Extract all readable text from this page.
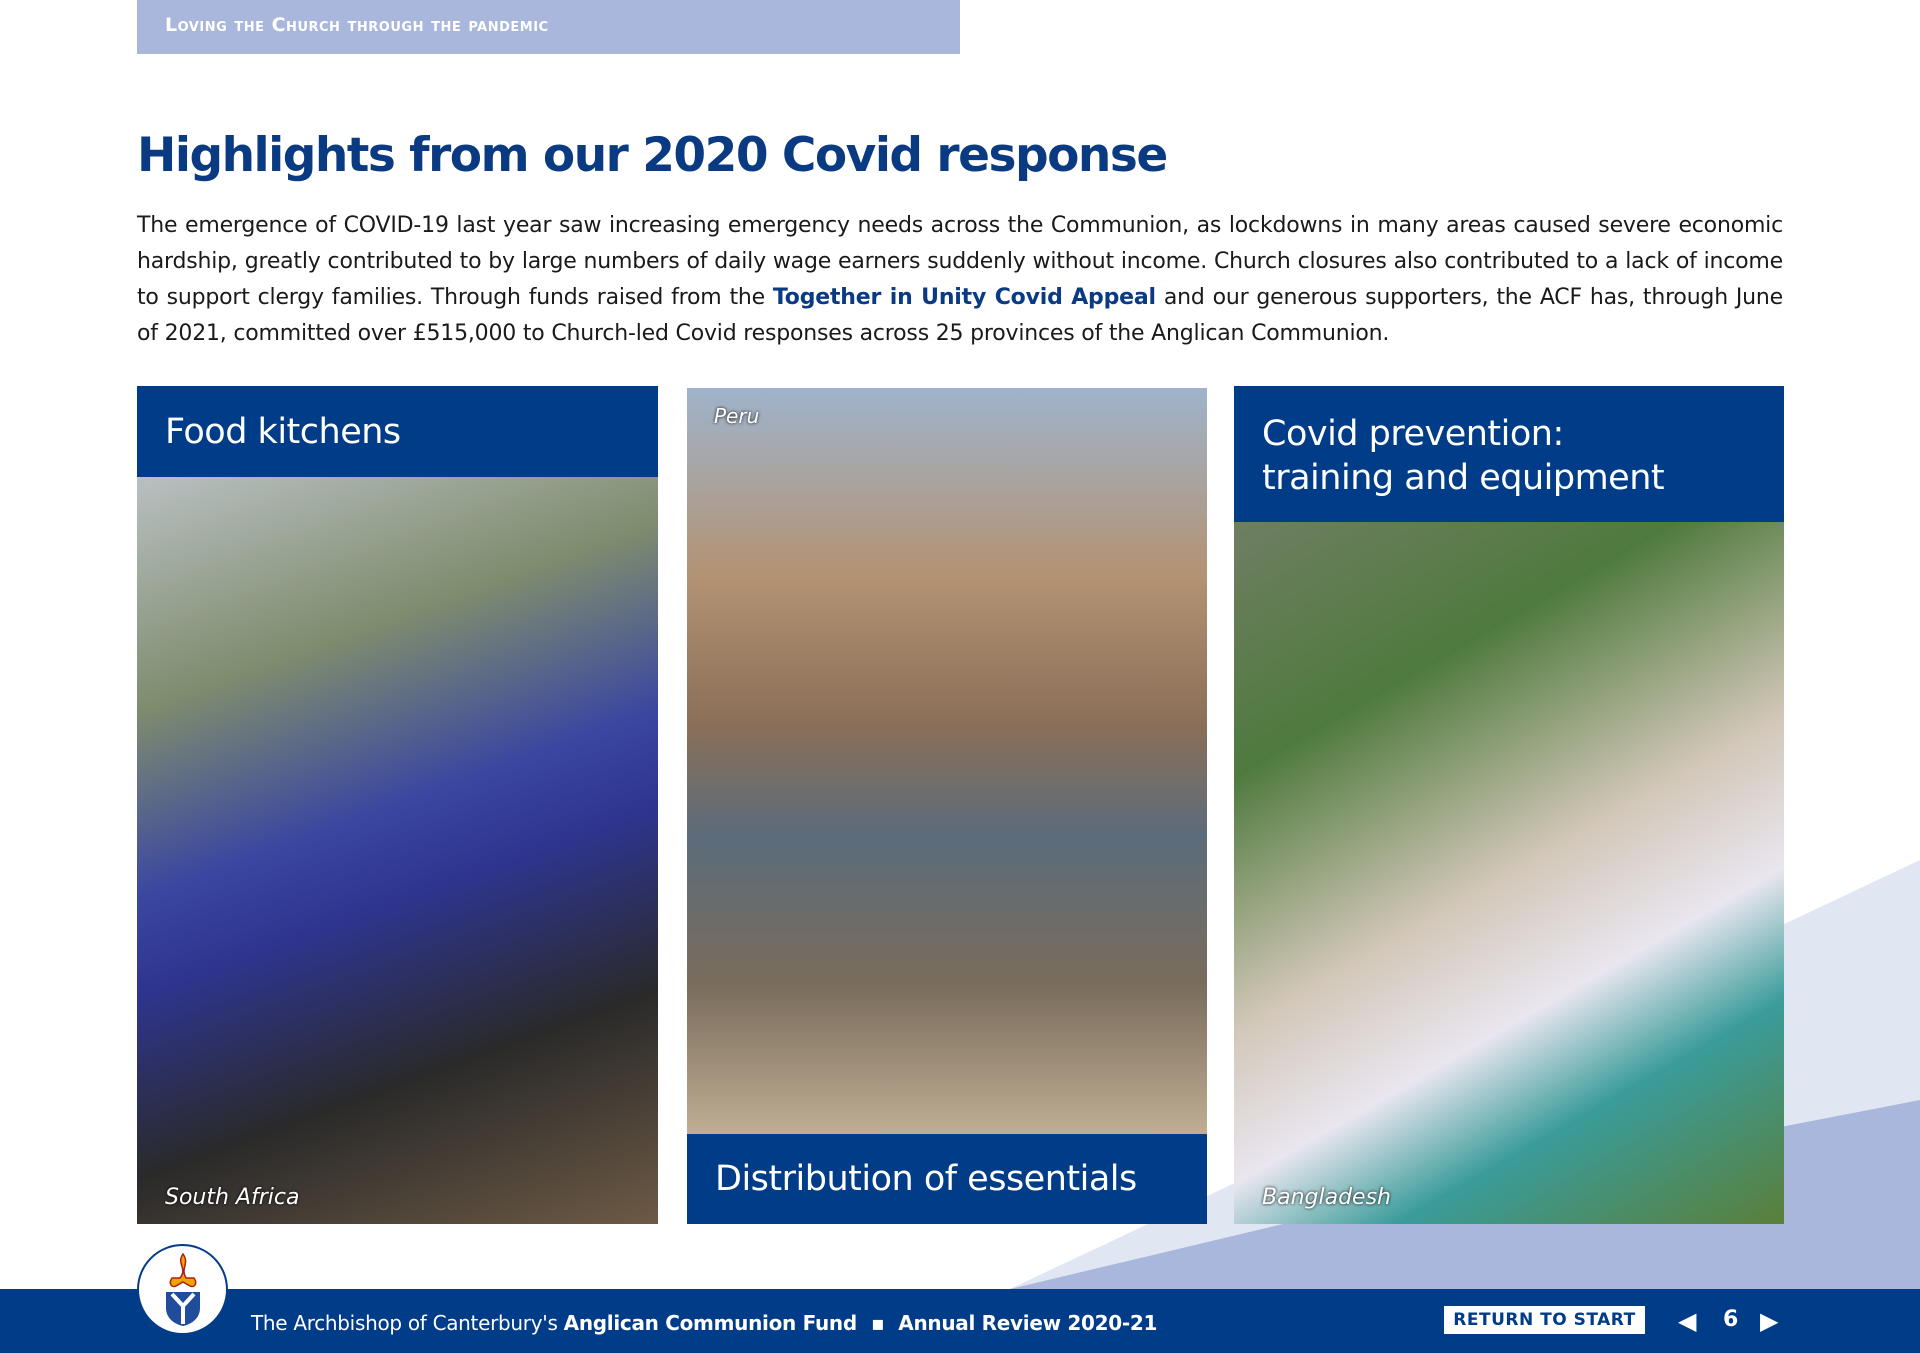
Loving the Church through the pandemic
Highlights from our 2020 Covid response

The emergence of COVID-19 last year saw increasing emergency needs across the Communion, as lockdowns in many areas caused severe economic hardship, greatly contributed to by large numbers of daily wage earners suddenly without income. Church closures also contributed to a lack of income to support clergy families. Through funds raised from the Together in Unity Covid Appeal and our generous supporters, the ACF has, through June of 2021, committed over £515,000 to Church-led Covid responses across 25 provinces of the Anglican Communion.

Food kitchens
South Africa
Peru
Distribution of essentials
Covid prevention:
training and equipment
Bangladesh
The Archbishop of Canterbury's Anglican Communion Fund ▪ Annual Review 2020-21	RETURN TO START	◀ 6 ▶
